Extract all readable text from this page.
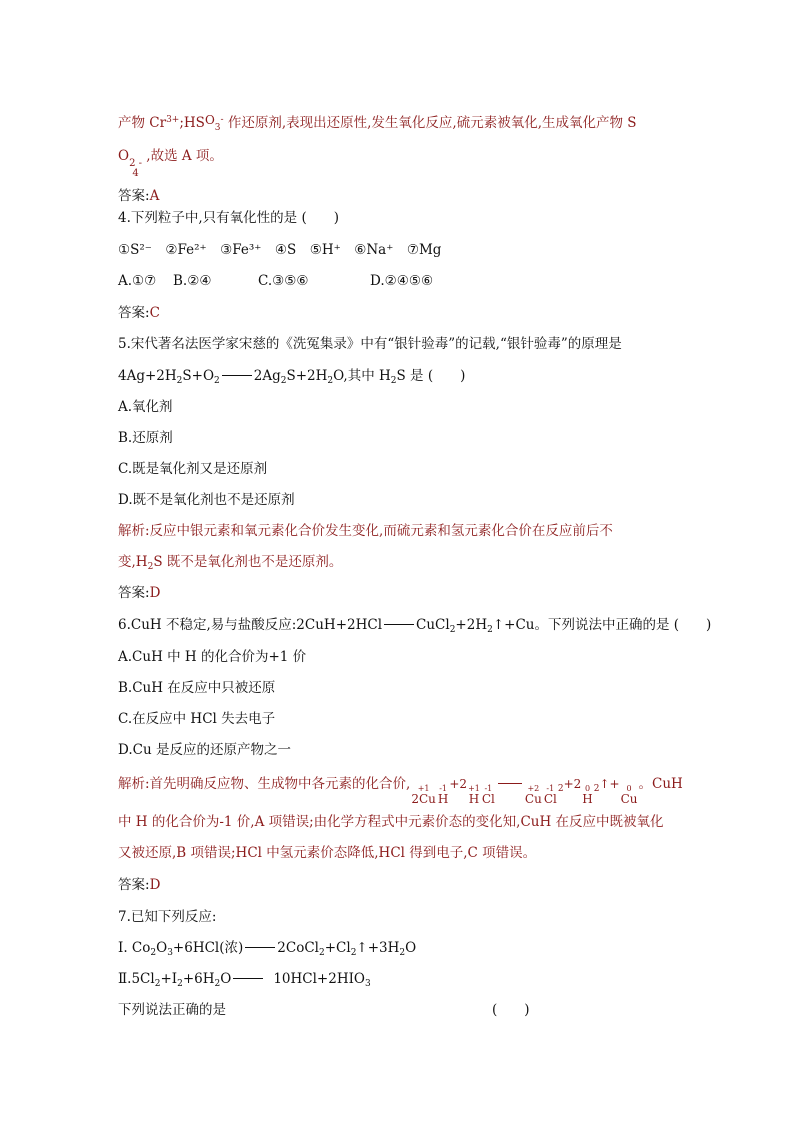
产物 $Cr^{3+};HSO_3^-$ 作还原剂,表现出还原性,发生氧化反应,硫元素被氧化,生成氧化产物 S
O 2 -
4
,故选 A 项。
答案:A
4.下列粒子中,只有氧化性的是 (　　)
①S²⁻　②Fe²⁺　③Fe³⁺　④S　⑤H⁺　⑥Na⁺　⑦Mg
A.①⑦ B.②④	C.③⑤⑥	D.②④⑤⑥
答案:C
5.宋代著名法医学家宋慈的《洗冤集录》中有“银针验毒”的记载,“银针验毒”的原理是
$4Ag+2H_2S+O_2$	$2Ag_2S+2H_2O$,其中 $H_2S$ 是 (　　)
A.氧化剂
B.还原剂
C.既是氧化剂又是还原剂
D.既不是氧化剂也不是还原剂
解析:反应中银元素和氧元素化合价发生变化,而硫元素和氢元素化合价在反应前后不
变$,H_2S$ 既不是氧化剂也不是还原剂。
答案:D
6.CuH 不稳定,易与盐酸反应:2CuH+2HCl	$CuCl_2+2H_2↑+Cu$。下列说法中正确的是 (　　)
A.CuH 中 H 的化合价为+1 价
B.CuH 在反应中只被还原
C.在反应中 HCl 失去电子
D.Cu 是反应的还原产物之一
解析:首先明确反应物、生成物中各元素的化合价, +1
2Cu
-1
H
+2 +1
H
-1
Cl
+2
Cu
-1
Cl
$_2$+2 0
H
$_2$↑+ 0
Cu
。CuH
中 H 的化合价为-1 价,A 项错误;由化学方程式中元素价态的变化知,CuH 在反应中既被氧化
又被还原,B 项错误;HCl 中氢元素价态降低,HCl 得到电子,C 项错误。
答案:D
7.已知下列反应:
Ⅰ. $Co_2O_3+6HCl$(浓)	$2CoCl_2+Cl_2↑+3H_2O$
$Ⅱ.5Cl_2+I_2+6H_2O$	$10HCl+2HIO_3$
下列说法正确的是	(　　)
